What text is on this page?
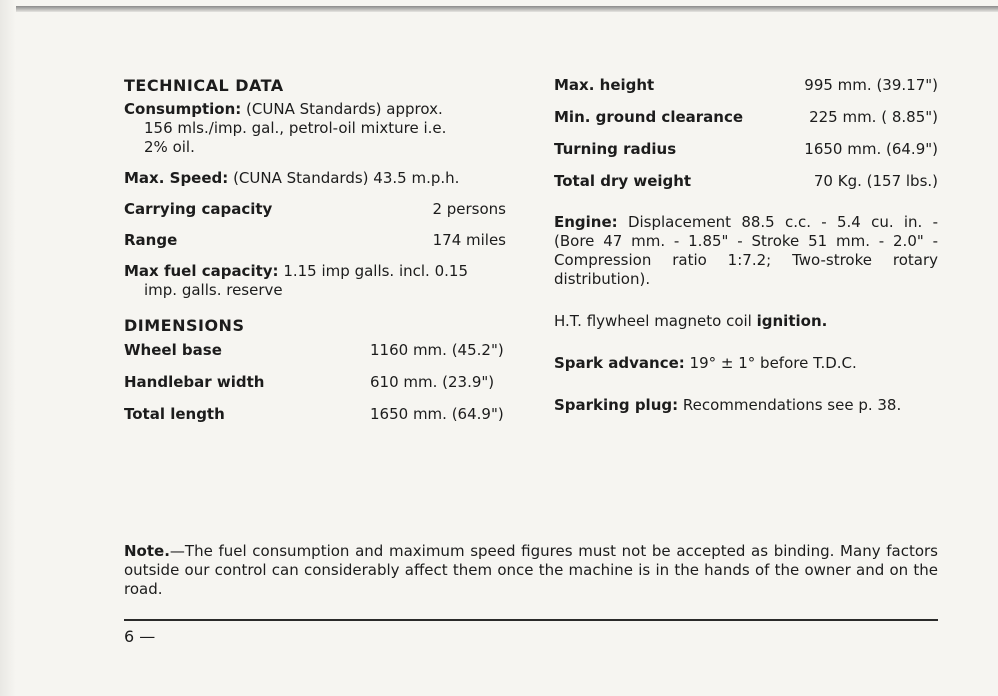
TECHNICAL DATA
Consumption: (CUNA Standards) approx.
156 mls./imp. gal., petrol-oil mixture i.e.
2% oil.
Max. Speed: (CUNA Standards) 43.5 m.p.h.
Carrying capacity	2 persons
Range	174 miles
Max fuel capacity: 1.15 imp galls. incl. 0.15
imp. galls. reserve
DIMENSIONS
Wheel base	1160 mm. (45.2")
Handlebar width	610 mm. (23.9")
Total length	1650 mm. (64.9")
Max. height	995 mm. (39.17")
Min. ground clearance	225 mm. ( 8.85")
Turning radius	1650 mm. (64.9")
Total dry weight	70 Kg. (157 lbs.)
Engine: Displacement 88.5 c.c. - 5.4 cu. in. - (Bore 47 mm. - 1.85" - Stroke 51 mm. - 2.0" - Compression ratio 1:7.2; Two-stroke rotary distribution).
H.T. flywheel magneto coil ignition.
Spark advance: 19° ± 1° before T.D.C.
Sparking plug: Recommendations see p. 38.
Note.—The fuel consumption and maximum speed figures must not be accepted as binding. Many factors outside our control can considerably affect them once the machine is in the hands of the owner and on the road.
6 —
